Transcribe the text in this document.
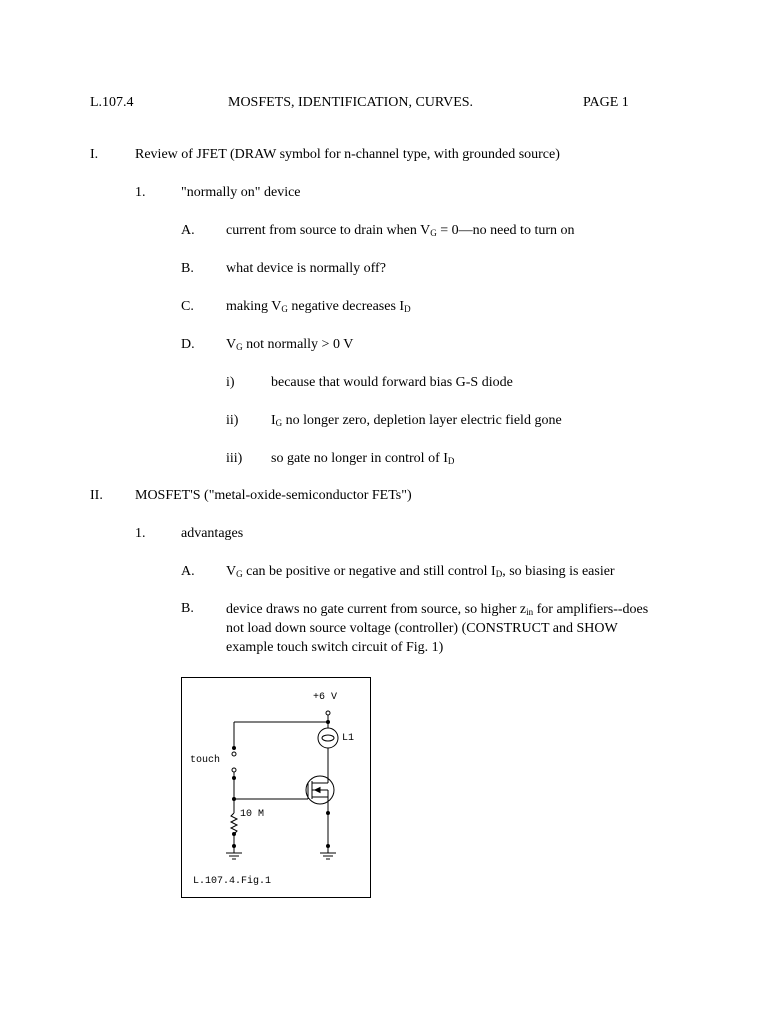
L.107.4	MOSFETS, IDENTIFICATION, CURVES.	PAGE 1
I.	Review of JFET (DRAW symbol for n-channel type, with grounded source)
1.	"normally on" device
A. current from source to drain when $V_G$ = 0—no need to turn on
B. what device is normally off?
C. making $V_G$ negative decreases $I_D$
D. $V_G$ not normally > 0 V
i)	because that would forward bias G-S diode
ii) $I_G$ no longer zero, depletion layer electric field gone
iii) so gate no longer in control of $I_D$
II. MOSFET'S ("metal-oxide-semiconductor FETs")
1.	advantages
A. $V_G$ can be positive or negative and still control $I_D$, so biasing is easier
B. device draws no gate current from source, so higher $z_{in}$ for amplifiers--does not load down source voltage (controller) (CONSTRUCT and SHOW example touch switch circuit of Fig. 1)
+6 V
L1
touch
10 M
L.107.4.Fig.1
